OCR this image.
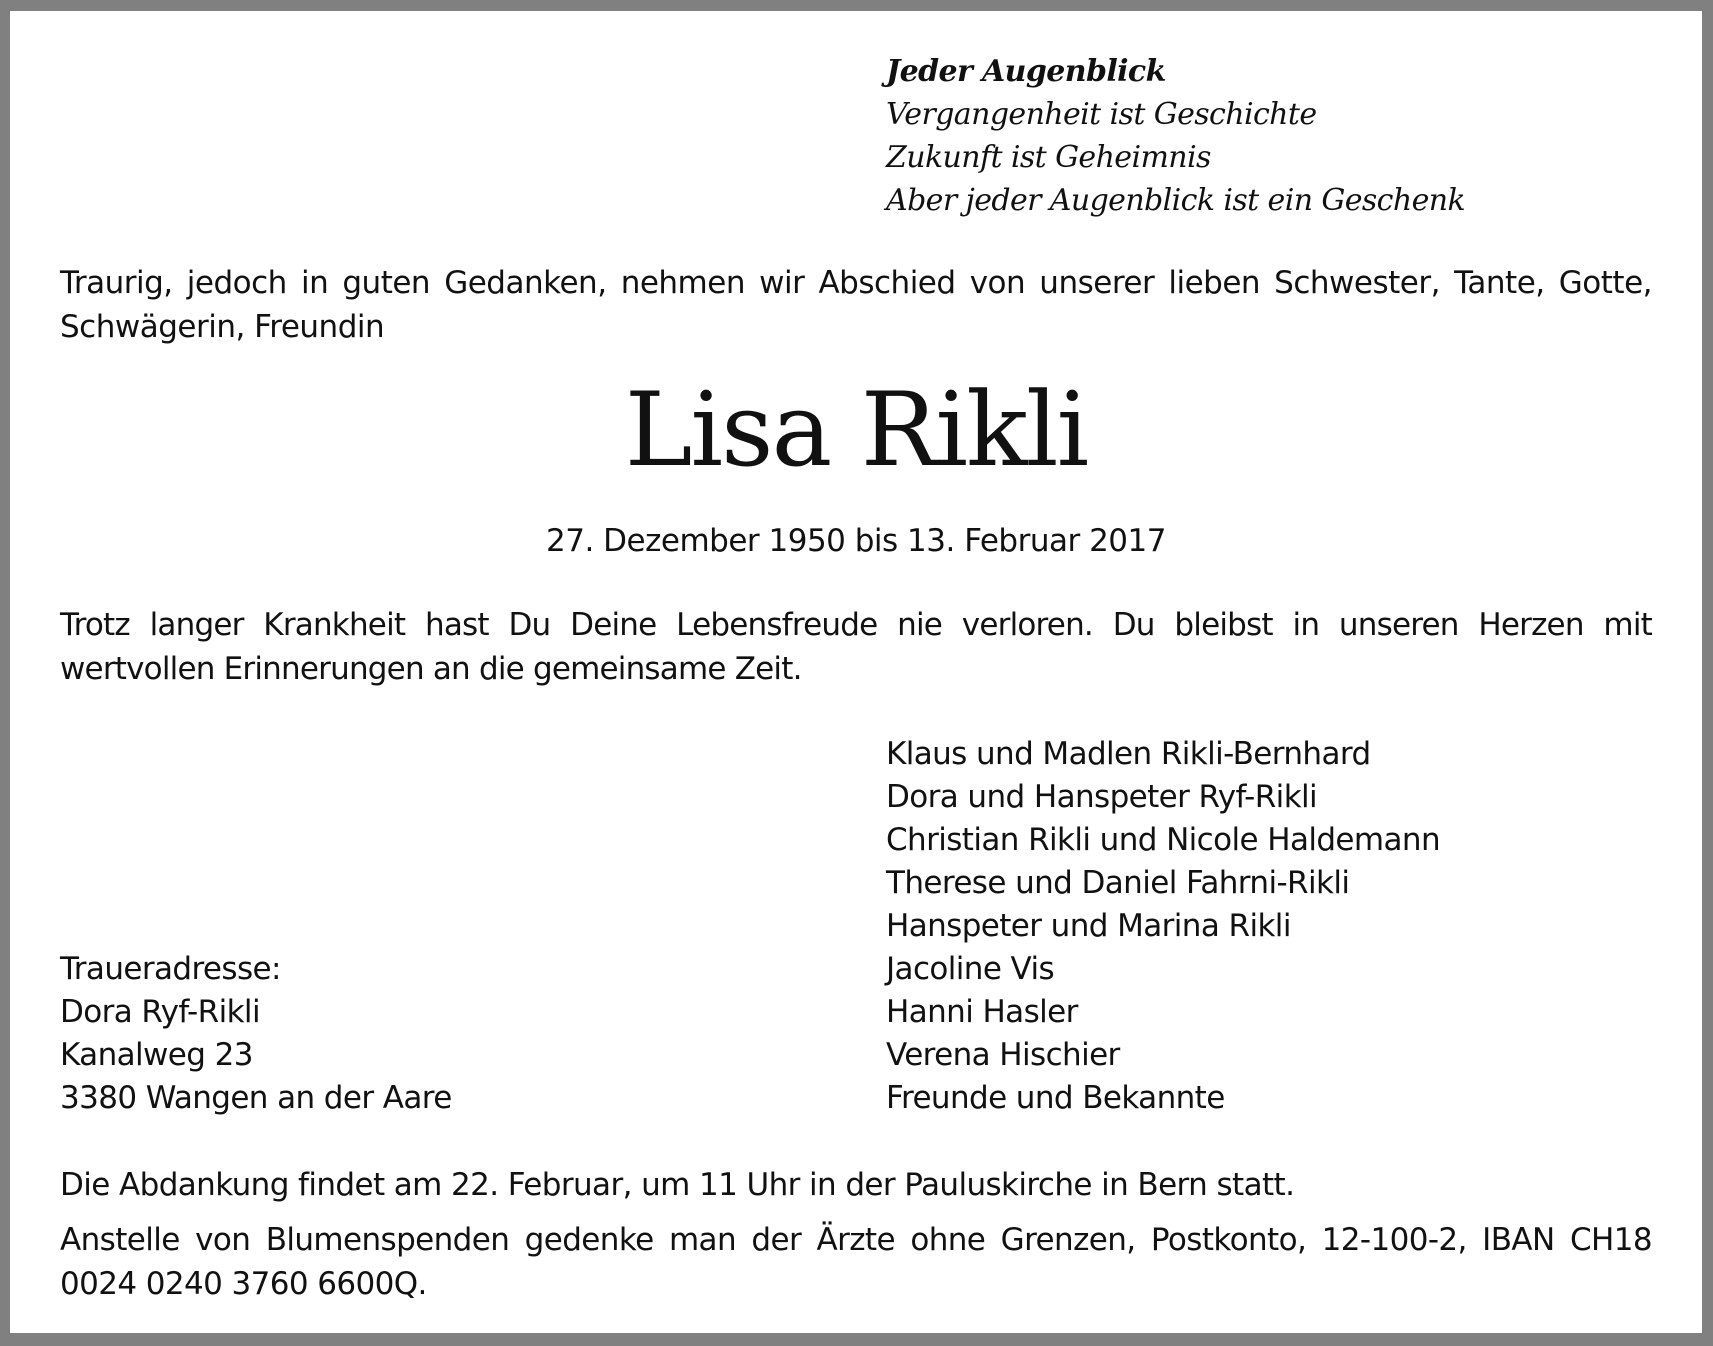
Jeder Augenblick
Vergangenheit ist Geschichte
Zukunft ist Geheimnis
Aber jeder Augenblick ist ein Geschenk
Traurig, jedoch in guten Gedanken, nehmen wir Abschied von unserer lieben Schwester, Tante, Gotte, Schwägerin, Freundin
Lisa Rikli
27. Dezember 1950 bis 13. Februar 2017
Trotz langer Krankheit hast Du Deine Lebensfreude nie verloren. Du bleibst in unseren Herzen mit wertvollen Erinnerungen an die gemeinsame Zeit.
Klaus und Madlen Rikli-Bernhard
Dora und Hanspeter Ryf-Rikli
Christian Rikli und Nicole Haldemann
Therese und Daniel Fahrni-Rikli
Hanspeter und Marina Rikli
Jacoline Vis
Hanni Hasler
Verena Hischier
Freunde und Bekannte
Traueradresse:
Dora Ryf-Rikli
Kanalweg 23
3380 Wangen an der Aare
Die Abdankung findet am 22. Februar, um 11 Uhr in der Pauluskirche in Bern statt.
Anstelle von Blumenspenden gedenke man der Ärzte ohne Grenzen, Postkonto, 12-100-2, IBAN CH18 0024 0240 3760 6600Q.
